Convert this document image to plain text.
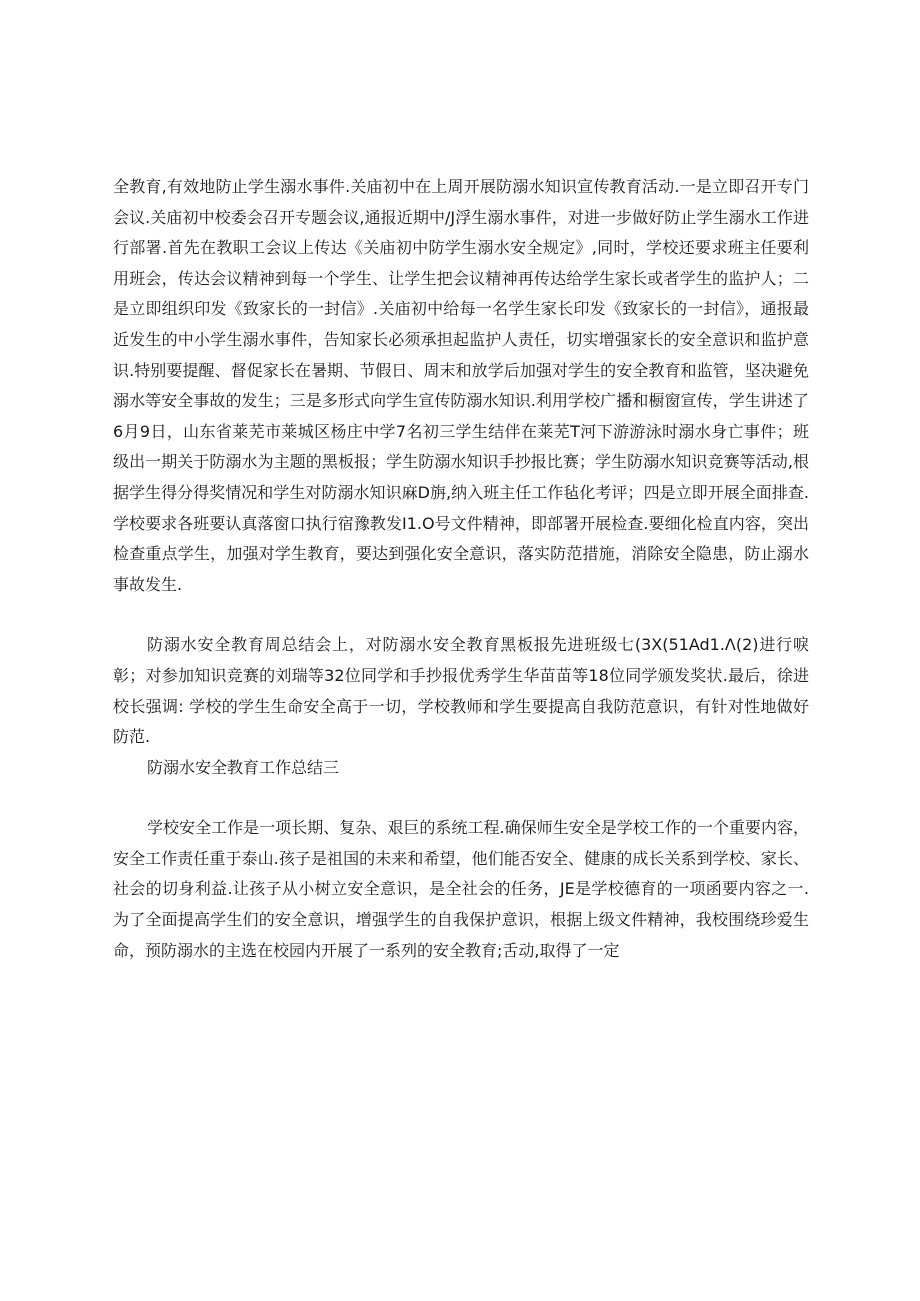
全教育,有效地防止学生溺水事件.关庙初中在上周开展防溺水知识宣传教育活动.一是立即召开专门会议.关庙初中校委会召开专题会议,通报近期中/J浮生溺水事件，对进一步做好防止学生溺水工作进行部署.首先在教职工会议上传达《关庙初中防学生溺水安全规定》,同时，学校还要求班主任要利用班会，传达会议精神到每一个学生、让学生把会议精神再传达给学生家长或者学生的监护人；二是立即组织印发《致家长的一封信》.关庙初中给每一名学生家长印发《致家长的一封信》，通报最近发生的中小学生溺水事件，告知家长必须承担起监护人责任，切实增强家长的安全意识和监护意识.特别要提醒、督促家长在暑期、节假日、周末和放学后加强对学生的安全教育和监管，坚决避免溺水等安全事故的发生；三是多形式向学生宣传防溺水知识.利用学校广播和橱窗宣传，学生讲述了6月9日，山东省莱芜市莱城区杨庄中学7名初三学生结伴在莱芜T河下游游泳时溺水身亡事件；班级出一期关于防溺水为主题的黑板报；学生防溺水知识手抄报比赛；学生防溺水知识竞赛等活动,根据学生得分得奖情况和学生对防溺水知识麻D旃,纳入班主任工作毡化考评；四是立即开展全面排查.学校要求各班要认真落窗口执行宿豫教发I1.O号文件精神，即部署开展检查.要细化检直内容，突出检查重点学生，加强对学生教育，要达到强化安全意识，落实防范措施，消除安全隐患，防止溺水事故发生.

防溺水安全教育周总结会上，对防溺水安全教育黑板报先进班级七(3X(51Ad1.Λ(2)进行唳彰；对参加知识竞赛的刘瑞等32位同学和手抄报优秀学生华苗苗等18位同学颁发奖状.最后，徐进校长强调: 学校的学生生命安全高于一切，学校教师和学生要提高自我防范意识，有针对性地做好防范.

防溺水安全教育工作总结三

学校安全工作是一项长期、复杂、艰巨的系统工程.确保师生安全是学校工作的一个重要内容，安全工作责任重于泰山.孩子是祖国的未来和希望，他们能否安全、健康的成长关系到学校、家长、社会的切身利益.让孩子从小树立安全意识，是全社会的任务，JE是学校德育的一项函要内容之一.为了全面提高学生们的安全意识，增强学生的自我保护意识，根据上级文件精神，我校围绕珍爱生命，预防溺水的主选在校园内开展了一系列的安全教育;舌动,取得了一定
